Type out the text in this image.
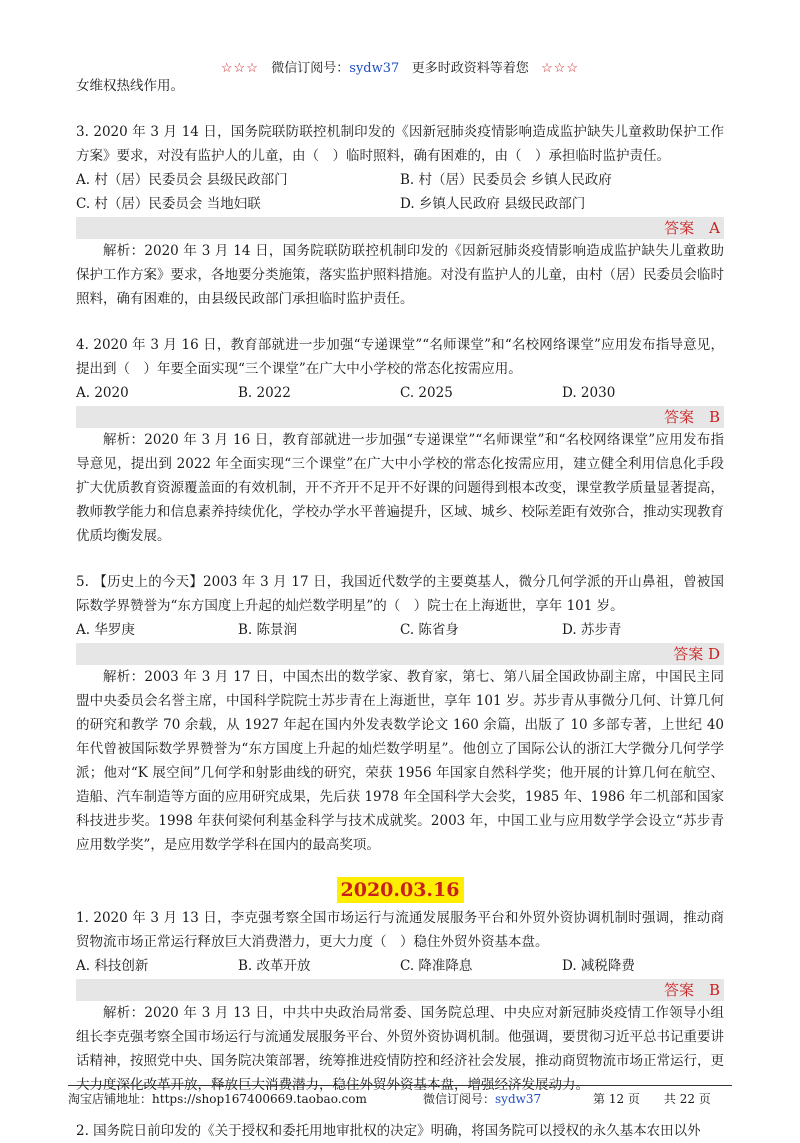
☆☆☆ 微信订阅号：sydw37 更多时政资料等着您 ☆☆☆

女维权热线作用。

3. 2020 年 3 月 14 日，国务院联防联控机制印发的《因新冠肺炎疫情影响造成监护缺失儿童救助保护工作方案》要求，对没有监护人的儿童，由（　）临时照料，确有困难的，由（　）承担临时监护责任。

A. 村（居）民委员会 县级民政部门	B. 村（居）民委员会 乡镇人民政府
C. 村（居）民委员会 当地妇联	D. 乡镇人民政府 县级民政部门
答案　A

解析：2020 年 3 月 14 日，国务院联防联控机制印发的《因新冠肺炎疫情影响造成监护缺失儿童救助保护工作方案》要求，各地要分类施策，落实监护照料措施。对没有监护人的儿童，由村（居）民委员会临时照料，确有困难的，由县级民政部门承担临时监护责任。

4. 2020 年 3 月 16 日，教育部就进一步加强“专递课堂”“名师课堂”和“名校网络课堂”应用发布指导意见，提出到（　）年要全面实现“三个课堂”在广大中小学校的常态化按需应用。

A. 2020	B. 2022	C. 2025	D. 2030
答案　B

解析：2020 年 3 月 16 日，教育部就进一步加强“专递课堂”“名师课堂”和“名校网络课堂”应用发布指导意见，提出到 2022 年全面实现“三个课堂”在广大中小学校的常态化按需应用，建立健全利用信息化手段扩大优质教育资源覆盖面的有效机制，开不齐开不足开不好课的问题得到根本改变，课堂教学质量显著提高，教师教学能力和信息素养持续优化，学校办学水平普遍提升，区域、城乡、校际差距有效弥合，推动实现教育优质均衡发展。

5. 【历史上的今天】2003 年 3 月 17 日，我国近代数学的主要奠基人，微分几何学派的开山鼻祖，曾被国际数学界赞誉为“东方国度上升起的灿烂数学明星”的（　）院士在上海逝世，享年 101 岁。

A. 华罗庚	B. 陈景润	C. 陈省身	D. 苏步青
答案 D

解析：2003 年 3 月 17 日，中国杰出的数学家、教育家，第七、第八届全国政协副主席，中国民主同盟中央委员会名誉主席，中国科学院院士苏步青在上海逝世，享年 101 岁。苏步青从事微分几何、计算几何的研究和教学 70 余载，从 1927 年起在国内外发表数学论文 160 余篇，出版了 10 多部专著，上世纪 40 年代曾被国际数学界赞誉为“东方国度上升起的灿烂数学明星”。他创立了国际公认的浙江大学微分几何学学派；他对“K 展空间”几何学和射影曲线的研究，荣获 1956 年国家自然科学奖；他开展的计算几何在航空、造船、汽车制造等方面的应用研究成果，先后获 1978 年全国科学大会奖，1985 年、1986 年二机部和国家科技进步奖。1998 年获何梁何利基金科学与技术成就奖。2003 年，中国工业与应用数学学会设立“苏步青应用数学奖”，是应用数学学科在国内的最高奖项。

2020.03.16

1. 2020 年 3 月 13 日，李克强考察全国市场运行与流通发展服务平台和外贸外资协调机制时强调，推动商贸物流市场正常运行释放巨大消费潜力，更大力度（　）稳住外贸外资基本盘。

A. 科技创新	B. 改革开放	C. 降准降息	D. 减税降费
答案　B

解析：2020 年 3 月 13 日，中共中央政治局常委、国务院总理、中央应对新冠肺炎疫情工作领导小组组长李克强考察全国市场运行与流通发展服务平台、外贸外资协调机制。他强调，要贯彻习近平总书记重要讲话精神，按照党中央、国务院决策部署，统筹推进疫情防控和经济社会发展，推动商贸物流市场正常运行，更大力度深化改革开放，释放巨大消费潜力，稳住外贸外资基本盘，增强经济发展动力。

2. 国务院日前印发的《关于授权和委托用地审批权的决定》明确，将国务院可以授权的永久基本农田以外

淘宝店铺地址：https://shop167400669.taobao.com	微信订阅号：sydw37	第 12 页　　共 22 页
